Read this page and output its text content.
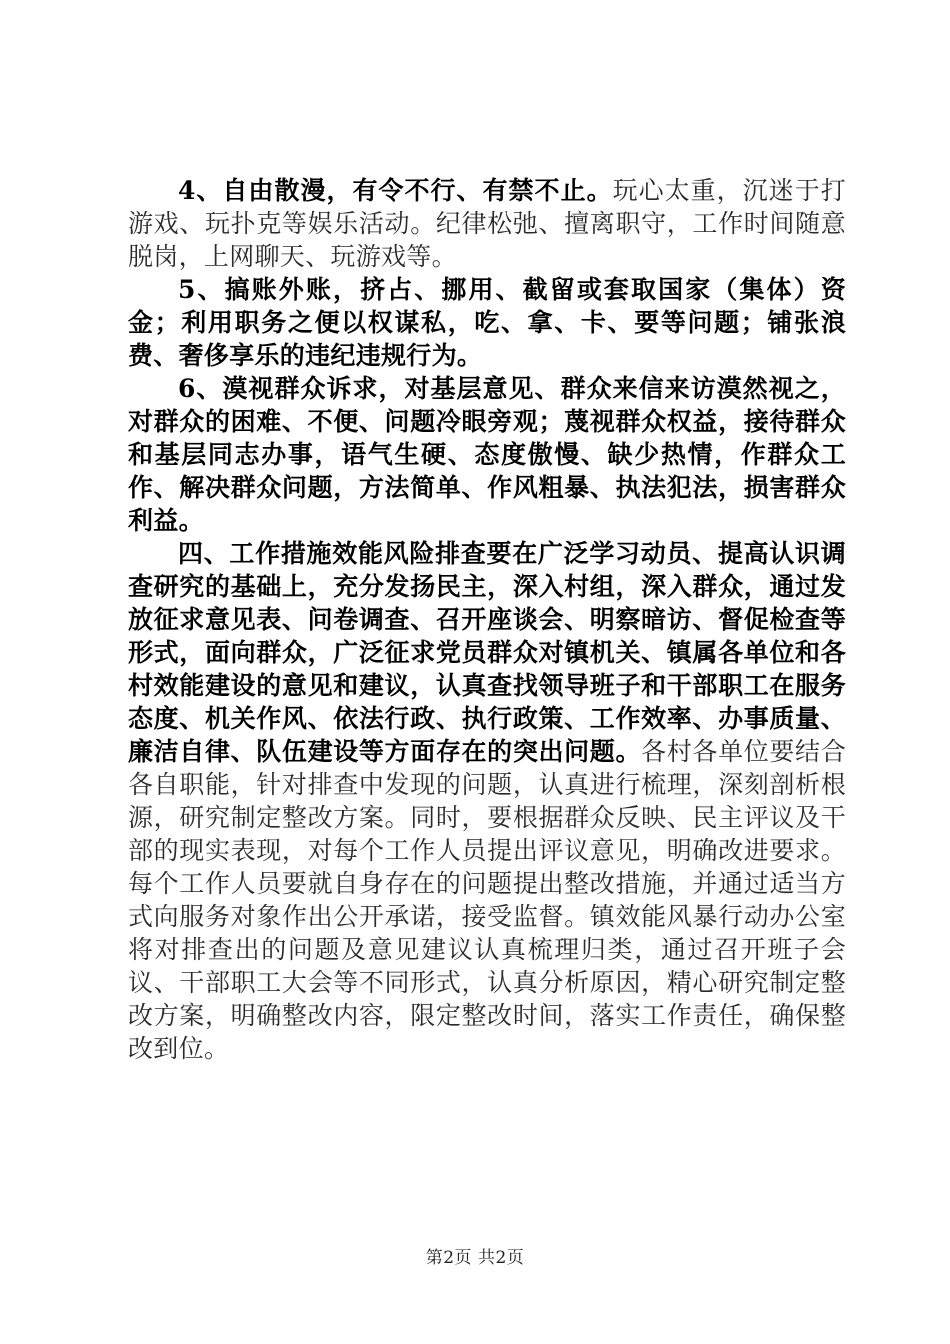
4、自由散漫，有令不行、有禁不止。玩心太重，沉迷于打游戏、玩扑克等娱乐活动。纪律松弛、擅离职守，工作时间随意脱岗，上网聊天、玩游戏等。

5、搞账外账，挤占、挪用、截留或套取国家（集体）资金；利用职务之便以权谋私，吃、拿、卡、要等问题；铺张浪费、奢侈享乐的违纪违规行为。

6、漠视群众诉求，对基层意见、群众来信来访漠然视之，对群众的困难、不便、问题冷眼旁观；蔑视群众权益，接待群众和基层同志办事，语气生硬、态度傲慢、缺少热情，作群众工作、解决群众问题，方法简单、作风粗暴、执法犯法，损害群众利益。

四、工作措施效能风险排查要在广泛学习动员、提高认识调查研究的基础上，充分发扬民主，深入村组，深入群众，通过发放征求意见表、问卷调查、召开座谈会、明察暗访、督促检查等形式，面向群众，广泛征求党员群众对镇机关、镇属各单位和各村效能建设的意见和建议，认真查找领导班子和干部职工在服务态度、机关作风、依法行政、执行政策、工作效率、办事质量、廉洁自律、队伍建设等方面存在的突出问题。各村各单位要结合各自职能，针对排查中发现的问题，认真进行梳理，深刻剖析根源，研究制定整改方案。同时，要根据群众反映、民主评议及干部的现实表现，对每个工作人员提出评议意见，明确改进要求。每个工作人员要就自身存在的问题提出整改措施，并通过适当方式向服务对象作出公开承诺，接受监督。镇效能风暴行动办公室将对排查出的问题及意见建议认真梳理归类，通过召开班子会议、干部职工大会等不同形式，认真分析原因，精心研究制定整改方案，明确整改内容，限定整改时间，落实工作责任，确保整改到位。

第2页 共2页
